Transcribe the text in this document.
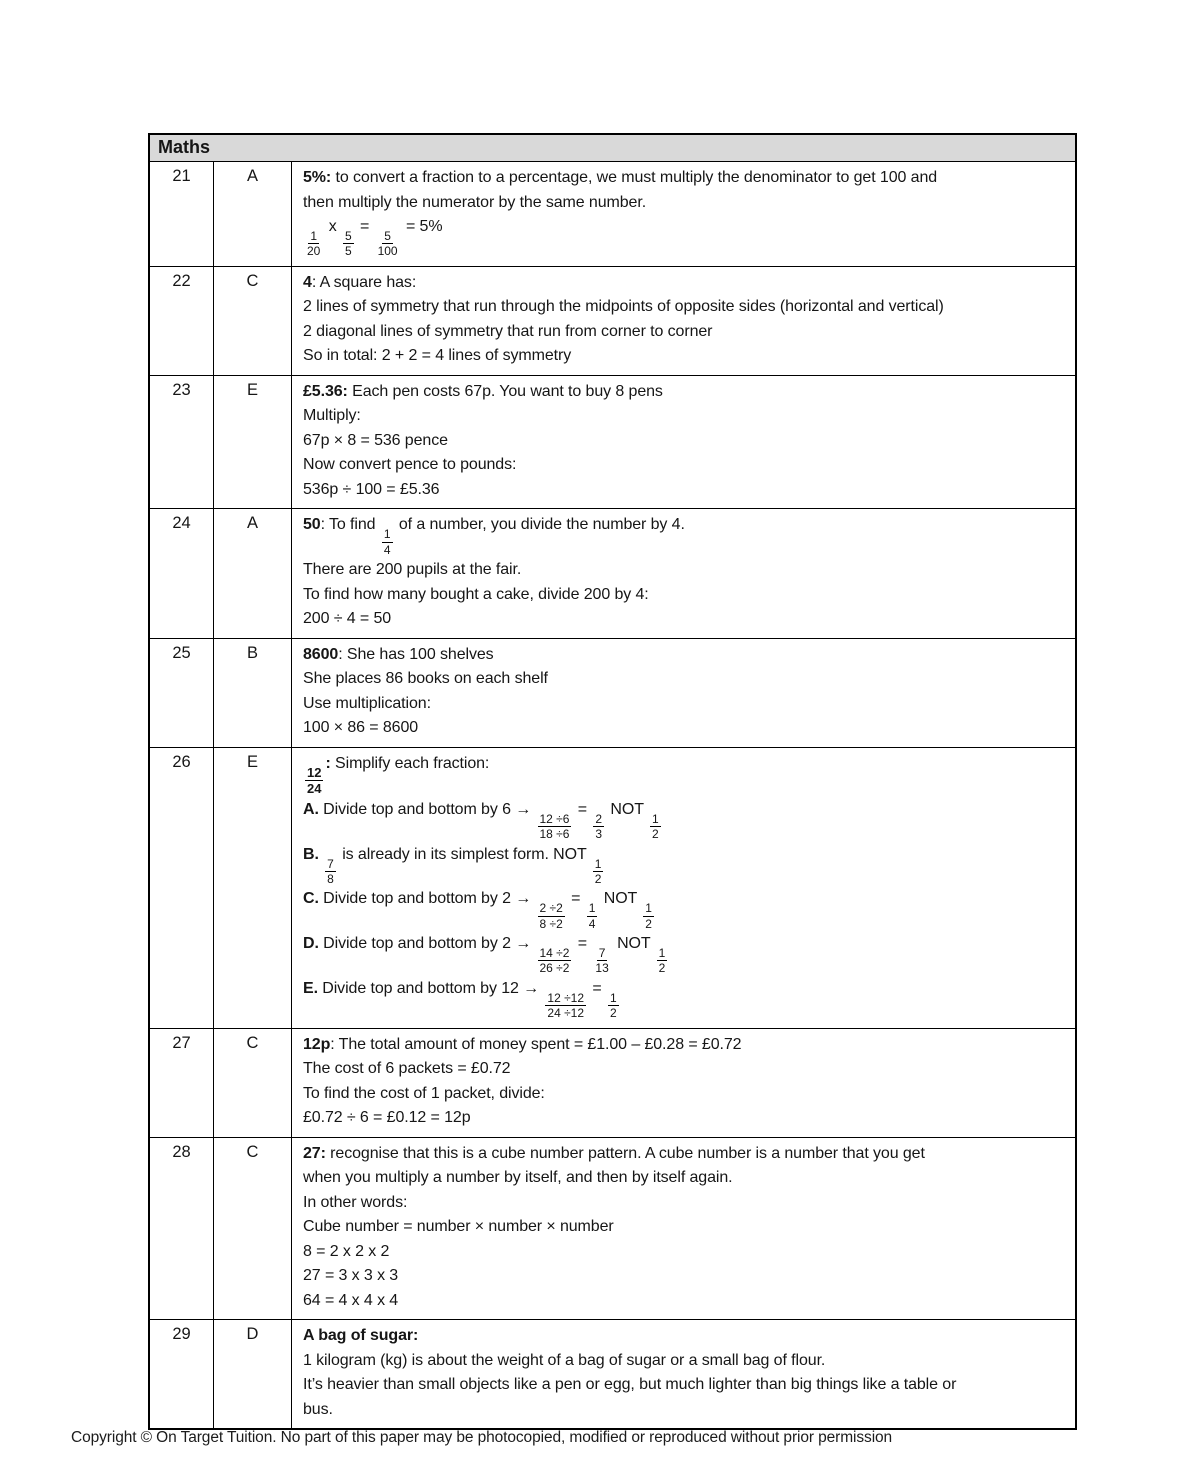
Maths
21	A	5%: to convert a fraction to a percentage, we must multiply the denominator to get 100 and
then multiply the numerator by the same number.
$\frac{1}{20}$
x
$\frac{5}{5}$
=
$\frac{5}{100}$
= 5%
22	C	4: A square has:
2 lines of symmetry that run through the midpoints of opposite sides (horizontal and vertical)
2 diagonal lines of symmetry that run from corner to corner
So in total: 2 + 2 = 4 lines of symmetry
23	E	£5.36: Each pen costs 67p. You want to buy 8 pens
Multiply:
67p × 8 = 536 pence
Now convert pence to pounds:
536p ÷ 100 = £5.36
24	A	50: To find
$\frac{1}{4}$
of a number, you divide the number by 4.
There are 200 pupils at the fair.
To find how many bought a cake, divide 200 by 4:
200 ÷ 4 = 50
25	B	8600: She has 100 shelves
She places 86 books on each shelf
Use multiplication:
100 × 86 = 8600
26	E
$\frac{12}{24}$
: Simplify each fraction:
A. Divide top and bottom by 6 →
$\frac{12 \div 6}{18 \div 6}$
=
$\frac{2}{3}$
NOT
$\frac{1}{2}$
B.
$\frac{7}{8}$
is already in its simplest form. NOT
$\frac{1}{2}$
C. Divide top and bottom by 2 →
$\frac{2 \div 2}{8 \div 2}$
=
$\frac{1}{4}$
NOT
$\frac{1}{2}$
D. Divide top and bottom by 2 →
$\frac{14 \div 2}{26 \div 2}$
=
$\frac{7}{13}$
NOT
$\frac{1}{2}$
E. Divide top and bottom by 12 →
$\frac{12 \div 12}{24 \div 12}$
=
$\frac{1}{2}$
27	C	12p: The total amount of money spent = £1.00 – £0.28 = £0.72
The cost of 6 packets = £0.72
To find the cost of 1 packet, divide:
£0.72 ÷ 6 = £0.12 = 12p
28	C	27: recognise that this is a cube number pattern. A cube number is a number that you get
when you multiply a number by itself, and then by itself again.
In other words:
Cube number = number × number × number
8 = 2 x 2 x 2
27 = 3 x 3 x 3
64 = 4 x 4 x 4
29	D	A bag of sugar:
1 kilogram (kg) is about the weight of a bag of sugar or a small bag of flour.
It’s heavier than small objects like a pen or egg, but much lighter than big things like a table or
bus.
Copyright © On Target Tuition. No part of this paper may be photocopied, modified or reproduced without prior permission
